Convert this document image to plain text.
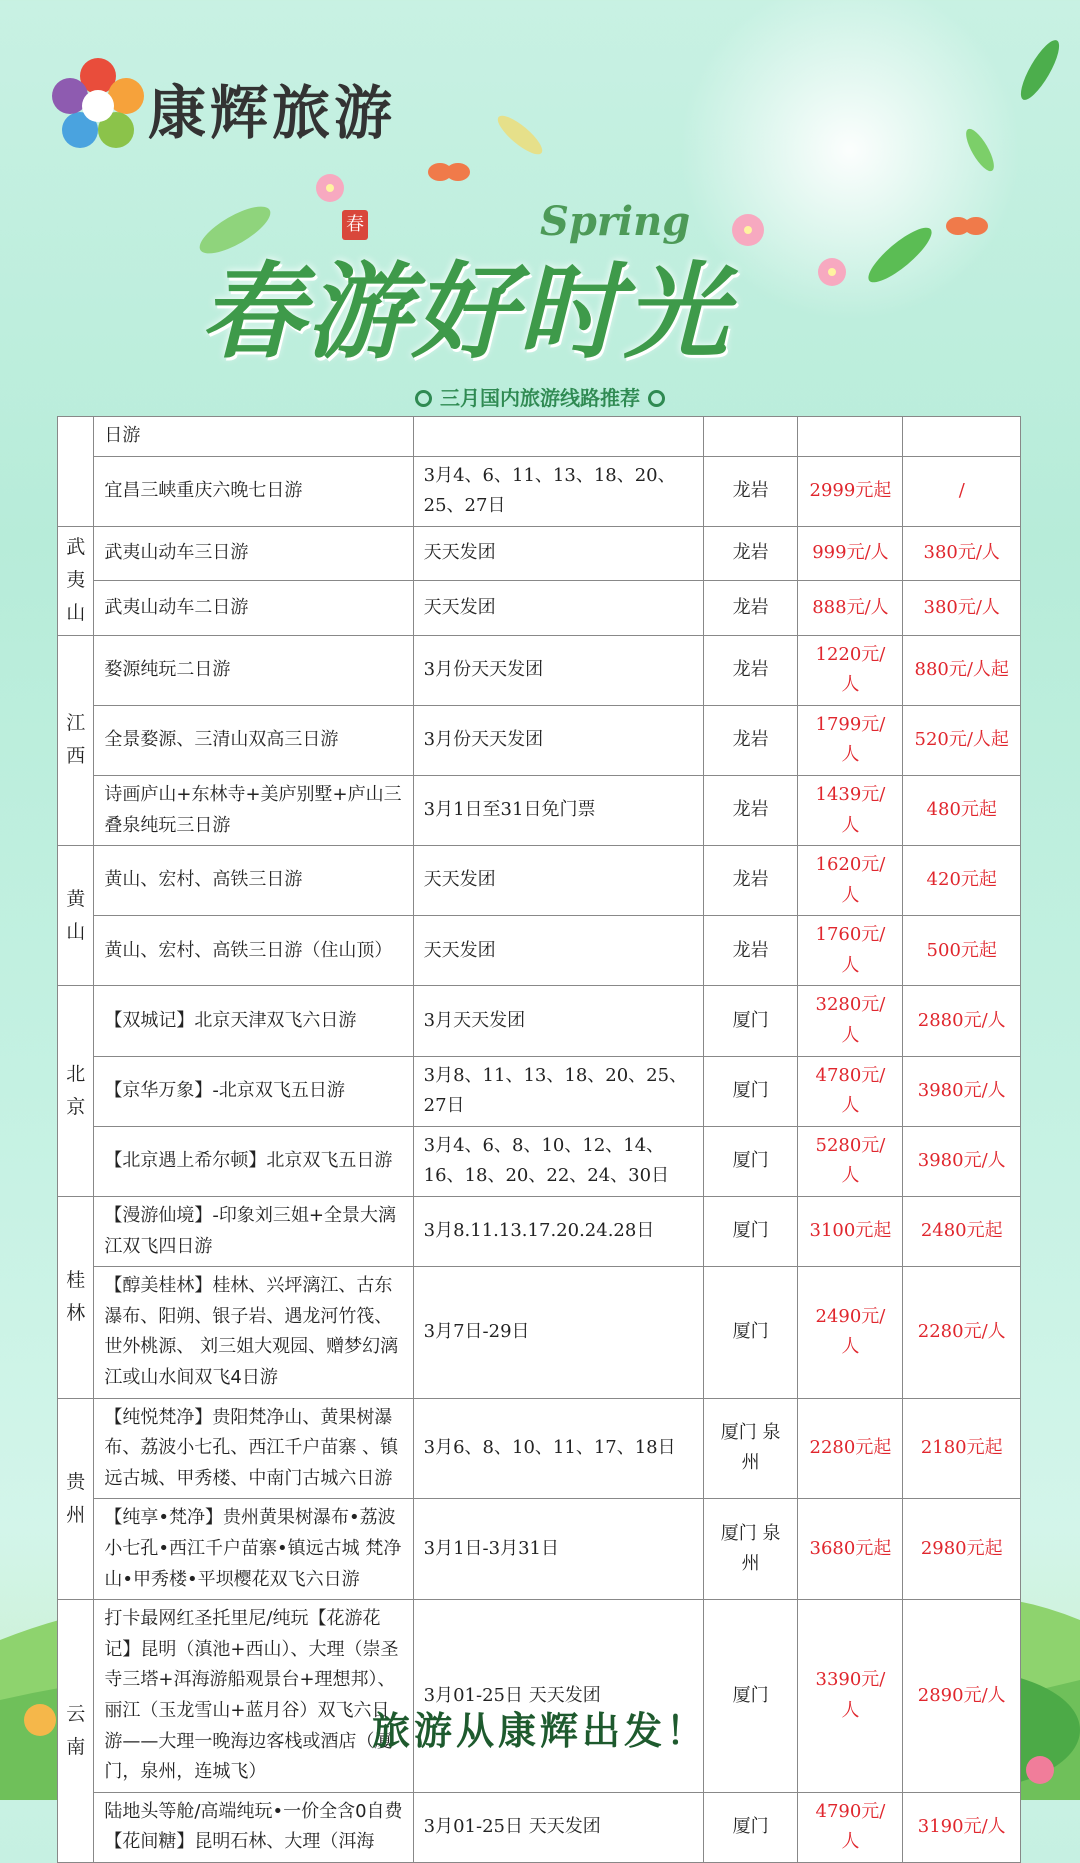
康辉旅游
Spring
春
春游好时光
三月国内旅游线路推荐
	日游				
	宜昌三峡重庆六晚七日游	3月4、6、11、13、18、20、25、27日	龙岩	2999元起	/
武夷山	武夷山动车三日游	天天发团	龙岩	999元/人	380元/人
	武夷山动车二日游	天天发团	龙岩	888元/人	380元/人
江西	婺源纯玩二日游	3月份天天发团	龙岩	1220元/人	880元/人起
	全景婺源、三清山双高三日游	3月份天天发团	龙岩	1799元/人	520元/人起
	诗画庐山+东林寺+美庐别墅+庐山三叠泉纯玩三日游	3月1日至31日免门票	龙岩	1439元/人	480元起
黄山	黄山、宏村、高铁三日游	天天发团	龙岩	1620元/人	420元起
	黄山、宏村、高铁三日游（住山顶）	天天发团	龙岩	1760元/人	500元起
北京	【双城记】北京天津双飞六日游	3月天天发团	厦门	3280元/人	2880元/人
	【京华万象】-北京双飞五日游	3月8、11、13、18、20、25、27日	厦门	4780元/人	3980元/人
	【北京遇上希尔顿】北京双飞五日游	3月4、6、8、10、12、14、16、18、20、22、24、30日	厦门	5280元/人	3980元/人
桂林	【漫游仙境】-印象刘三姐+全景大漓江双飞四日游	3月8.11.13.17.20.24.28日	厦门	3100元起	2480元起
	【醇美桂林】桂林、兴坪漓江、古东瀑布、阳朔、银子岩、遇龙河竹筏、世外桃源、 刘三姐大观园、赠梦幻漓江或山水间双飞4日游	3月7日-29日	厦门	2490元/人	2280元/人
贵州	【纯悦梵净】贵阳梵净山、黄果树瀑布、荔波小七孔、西江千户苗寨 、镇远古城、甲秀楼、中南门古城六日游	3月6、8、10、11、17、18日	厦门 泉州	2280元起	2180元起
	【纯享•梵净】贵州黄果树瀑布•荔波小七孔•西江千户苗寨•镇远古城 梵净山•甲秀楼•平坝樱花双飞六日游	3月1日-3月31日	厦门 泉州	3680元起	2980元起
云南	打卡最网红圣托里尼/纯玩【花游花记】昆明（滇池+西山）、大理（崇圣寺三塔+洱海游船观景台+理想邦）、丽江（玉龙雪山+蓝月谷）双飞六日游——大理一晚海边客栈或酒店（厦门，泉州，连城飞）	3月01-25日 天天发团	厦门	3390元/人	2890元/人
	陆地头等舱/高端纯玩•一价全含0自费【花间糖】昆明石林、大理（洱海	3月01-25日 天天发团	厦门	4790元/人	3190元/人
旅游从康辉出发！
